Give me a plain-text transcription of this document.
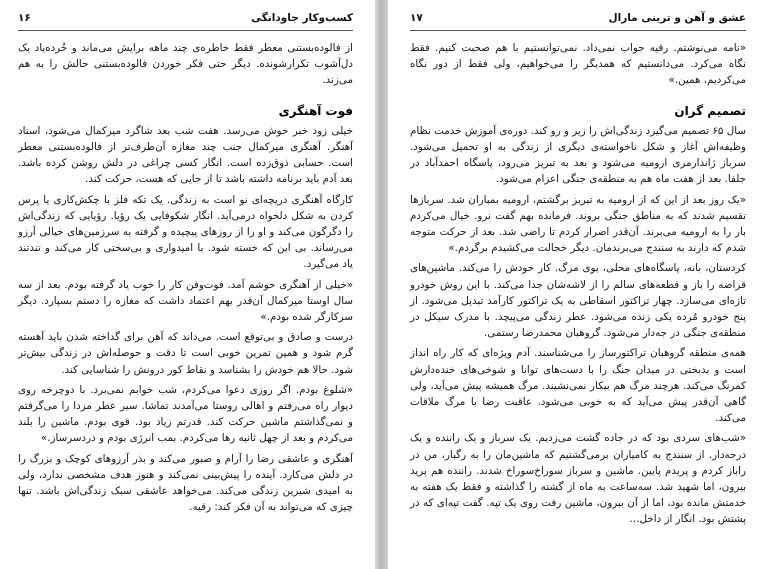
۱۶	کسب‌وکار جاودانگی

از فالوده‌بستنی معطر فقط خاطره‌ی چند ماهه برایش می‌ماند و خُرده‌یاد یک دل‌آشوب تکرارشونده. دیگر حتی فکر خوردن فالوده‌بستنی حالش را به هم می‌زند.

فوت آهنگری

خیلی زود خبر خوش می‌رسد. هفت شب بعد شاگرد میرکمال می‌شود، استاد آهنگر. آهنگری میرکمال جنب چند مغازه آن‌طرف‌تر از فالوده‌بستنی معطر است. حسابی ذوق‌زده است. انگار کسی چراغی در دلش روشن کرده باشد. بعد آدم باید برنامه داشته باشد تا از جایی که هست، حرکت کند.

کارگاه آهنگری دریچه‌ای نو است به زندگی. یک تکه فلز با چکش‌کاری یا پرس کردن به شکل دلخواه درمی‌آید. انگار شکوفایی یک رؤیا. رؤیایی که زندگی‌اش را دگرگون می‌کند و او را از روزهای پیچیده و گرفته به سرزمین‌های خیالی آرزو می‌رساند. بی این که خسته شود. با امیدواری و بی‌سختی کار می‌کند و تندتند یاد می‌گیرد.

«خیلی از آهنگری خوشم آمد. فوت‌وفن کار را خوب یاد گرفته بودم. بعد از سه سال اوستا میرکمال آن‌قدر بهم اعتماد داشت که مغازه را دستم بسپارد. دیگر سرکارگر شده بودم.»

درست و صادق و بی‌توقع است. می‌داند که آهن برای گداخته شدن باید آهسته گرم شود و همین تمرین خوبی است تا دقت و حوصله‌اش در زندگی بیش‌تر شود. حالا هم خودش را بشناسد و نقاط کور درونش را شناسایی کند.

«شلوغ بودم. اگر روزی دعوا می‌کردم، شب خوابم نمی‌برد. با دوچرخه روی دیوار راه می‌رفتم و اهالی روستا می‌آمدند تماشا. سیر عطر مزدا را می‌گرفتم و نمی‌گذاشتم ماشین حرکت کند. قدرتم زیاد بود. قوی بودم. ماشین را بلند می‌کردم و بعد از چهل ثانیه رها می‌کردم. بمب انرژی بودم و دردسرساز.»

آهنگری و عاشقی رضا را آرام و صبور می‌کند و بذر آرزوهای کوچک و بزرگ را در دلش می‌کارد. آینده را پیش‌بینی نمی‌کند و هنوز هدف مشخصی ندارد، ولی به امیدی شیرین زندگی می‌کند. می‌خواهد عاشقی سبک زندگی‌اش باشد. تنها چیزی که می‌تواند به آن فکر کند: رقیه.

۱۷	عشق و آهن و ترینی مارال

«نامه می‌نوشتم. رقیه جواب نمی‌داد. نمی‌توانستیم با هم صحبت کنیم. فقط نگاه می‌کرد. می‌دانستیم که همدیگر را می‌خواهیم، ولی فقط از دور نگاه می‌کردیم، همین.»

تصمیم گران

سال ۶۵ تصمیم می‌گیرد زندگی‌اش را زیر و رو کند. دوره‌ی آموزش خدمت نظام وظیفه‌اش آغاز و شکل ناخواسته‌ی دیگری از زندگی به او تحمیل می‌شود. سرباز ژاندارمری ارومیه می‌شود و بعد به تبریز می‌رود، پاسگاه احمدآباد در جلفا. بعد از هفت ماه هم به منطقه‌ی جنگی اعزام می‌شود.

«یک روز بعد از این که از ارومیه به تبریز برگشتم، ارومیه بمباران شد. سربازها تقسیم شدند که به مناطق جنگی بروند. فرمانده بهم گفت نرو. خیال می‌کردم بار را به ارومیه می‌برند. آن‌قدر اصرار کردم تا راضی شد. بعد از حرکت متوجه شدم که دارند به سنندج می‌برندمان. دیگر خجالت می‌کشیدم برگردم.»

کردستان، بانه، پاسگاه‌های محلی، بوی مرگ. کار خودش را می‌کند. ماشین‌های قراضه را باز و قطعه‌های سالم را از لاشه‌شان جدا می‌کند. با این روش خودرو تازه‌ای می‌سازد. چهار تراکتور اسقاطی به یک تراکتور کارآمد تبدیل می‌شود. از پنج خودرو مُرده یکی زنده می‌شود. عطر زندگی می‌پیچد. با مدرک سیکل در منطقه‌ی جنگی در جه‌دار می‌شود. گروهبان محمدرضا رستمی.

همه‌ی منطقه گروهبان تراکتورساز را می‌شناسند. آدم ویژه‌ای که کار راه انداز است و بدبختی در میدان جنگ را با دست‌های توانا و شوخی‌های خنده‌دارش کمرنگ می‌کند. هرچند مرگ هم بیکار نمی‌نشیند. مرگ همیشه پیش می‌آید، ولی گاهی آن‌قدر پیش می‌آید که به خوبی می‌شود. عاقبت رضا با مرگ ملاقات می‌کند.

«شب‌های سردی بود که در جاده گشت می‌زدیم. یک سرباز و یک راننده و یک درجه‌دار. از سنندج به کامیاران برمی‌گشتیم که ماشین‌مان را به رگبار، من در راباز کردم و پریدم پایین. ماشین و سرباز سوراخ‌سوراخ شدند. راننده هم پرید بیرون، اما شهید شد. سه‌ساعت به ماه از گشته را گذاشته و فقط یک هفته به خدمتش مانده بود، اما از آن بیرون، ماشین رفت روی یک تپه. گفت تپه‌ای که در پشتش بود. انگار از داخل…
